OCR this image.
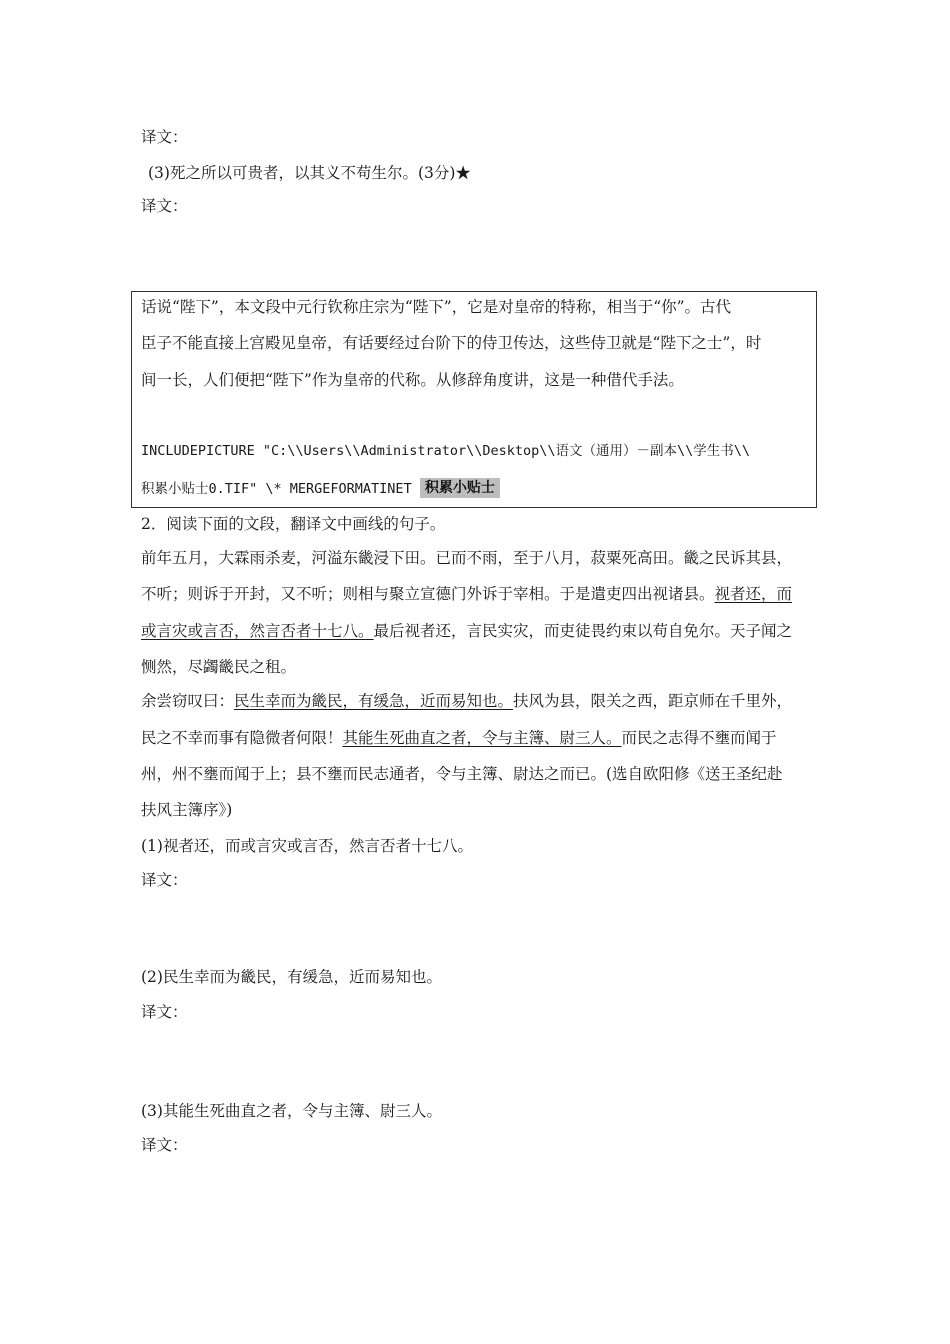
译文：
(3)死之所以可贵者，以其义不苟生尔。(3分)★
译文：
话说“陛下”，本文段中元行钦称庄宗为“陛下”，它是对皇帝的特称，相当于“你”。古代
臣子不能直接上宫殿见皇帝，有话要经过台阶下的侍卫传达，这些侍卫就是“陛下之士”，时
间一长，人们便把“陛下”作为皇帝的代称。从修辞角度讲，这是一种借代手法。
INCLUDEPICTURE "C:\\Users\\Administrator\\Desktop\\语文（通用）－副本\\学生书\\
积累小贴士0.TIF" \* MERGEFORMATINET 积累小贴士
2．阅读下面的文段，翻译文中画线的句子。
前年五月，大霖雨杀麦，河溢东畿浸下田。已而不雨，至于八月，菽粟死高田。畿之民诉其县，
不听；则诉于开封，又不听；则相与聚立宣德门外诉于宰相。于是遣吏四出视诸县。视者还，而
或言灾或言否，然言否者十七八。最后视者还，言民实灾，而吏徒畏约束以苟自免尔。天子闻之
恻然，尽蠲畿民之租。
余尝窃叹曰：民生幸而为畿民，有缓急，近而易知也。扶风为县，限关之西，距京师在千里外，
民之不幸而事有隐微者何限！其能生死曲直之者，令与主簿、尉三人。而民之志得不壅而闻于
州，州不壅而闻于上；县不壅而民志通者，令与主簿、尉达之而已。(选自欧阳修《送王圣纪赴
扶风主簿序》)
(1)视者还，而或言灾或言否，然言否者十七八。
译文：
(2)民生幸而为畿民，有缓急，近而易知也。
译文：
(3)其能生死曲直之者，令与主簿、尉三人。
译文：
